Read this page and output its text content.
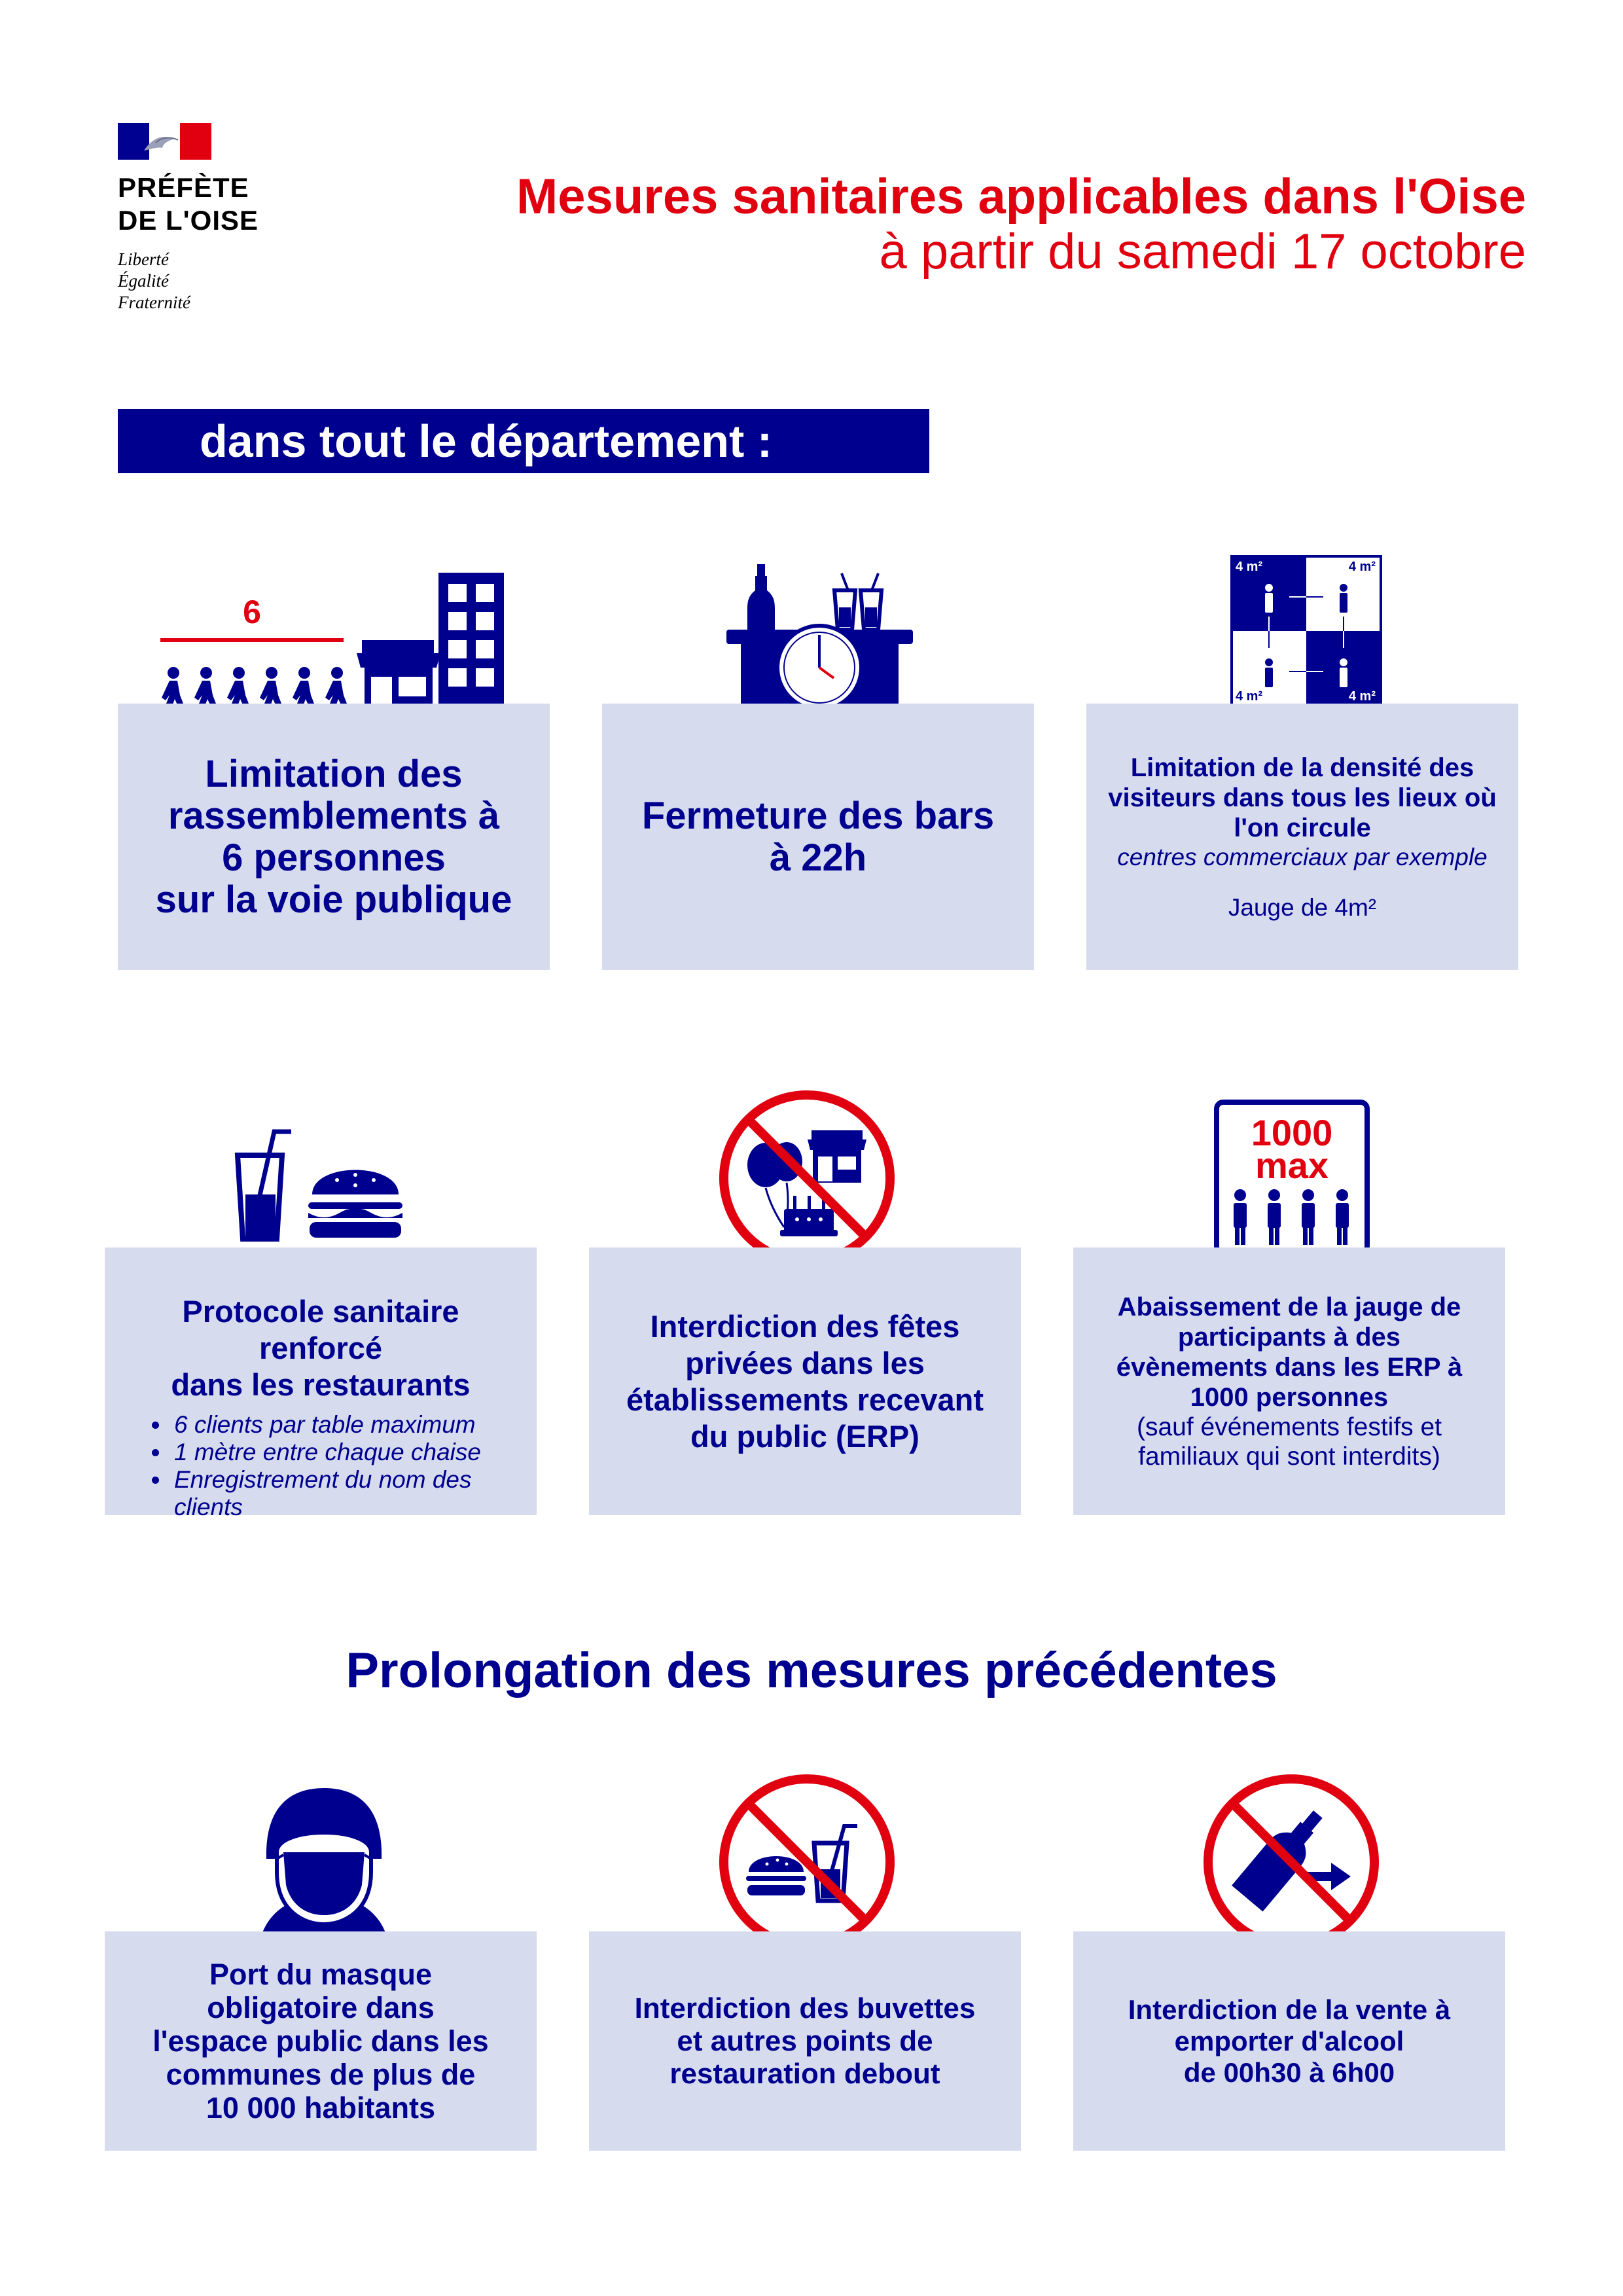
PRÉFÈTE
DE L'OISE
Liberté
Égalité
Fraternité
Mesures sanitaires applicables dans l'Oise
à partir du samedi 17 octobre
dans tout le département :
6
Limitation des
rassemblements à
6 personnes
sur la voie publique
Fermeture des bars
à 22h
4 m²	4 m²
4 m²	4 m²
Limitation de la densité des
visiteurs dans tous les lieux où
l'on circule
centres commerciaux par exemple
Jauge de 4m²
Protocole sanitaire renforcé
dans les restaurants
6 clients par table maximum
1 mètre entre chaque chaise
Enregistrement du nom des clients
Interdiction des fêtes
privées dans les
établissements recevant
du public (ERP)
1000
max
Abaissement de la jauge de
participants à des
évènements dans les ERP à
1000 personnes
(sauf événements festifs et
familiaux qui sont interdits)
Prolongation des mesures précédentes
Port du masque
obligatoire dans
l'espace public dans les
communes de plus de
10 000 habitants
Interdiction des buvettes
et autres points de
restauration debout
Interdiction de la vente à
emporter d'alcool
de 00h30 à 6h00
